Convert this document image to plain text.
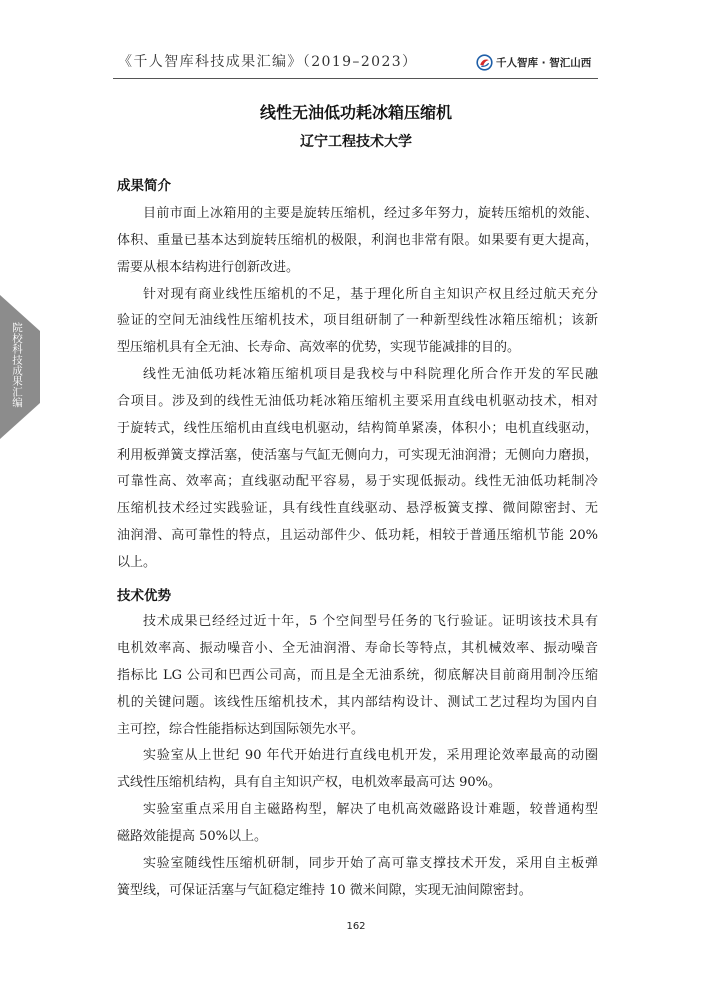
《千人智库科技成果汇编》（2019–2023）	千人智库 · 智汇山西
院校科技成果汇编
线性无油低功耗冰箱压缩机
辽宁工程技术大学
成果简介
目前市面上冰箱用的主要是旋转压缩机，经过多年努力，旋转压缩机的效能、
体积、重量已基本达到旋转压缩机的极限，利润也非常有限。如果要有更大提高，
需要从根本结构进行创新改进。
针对现有商业线性压缩机的不足，基于理化所自主知识产权且经过航天充分
验证的空间无油线性压缩机技术，项目组研制了一种新型线性冰箱压缩机；该新
型压缩机具有全无油、长寿命、高效率的优势，实现节能减排的目的。
线性无油低功耗冰箱压缩机项目是我校与中科院理化所合作开发的军民融
合项目。涉及到的线性无油低功耗冰箱压缩机主要采用直线电机驱动技术，相对
于旋转式，线性压缩机由直线电机驱动，结构简单紧凑，体积小；电机直线驱动，
利用板弹簧支撑活塞，使活塞与气缸无侧向力，可实现无油润滑；无侧向力磨损，
可靠性高、效率高；直线驱动配平容易，易于实现低振动。线性无油低功耗制冷
压缩机技术经过实践验证，具有线性直线驱动、悬浮板簧支撑、微间隙密封、无
油润滑、高可靠性的特点，且运动部件少、低功耗，相较于普通压缩机节能 20%
以上。
技术优势
技术成果已经经过近十年，5 个空间型号任务的飞行验证。证明该技术具有
电机效率高、振动噪音小、全无油润滑、寿命长等特点，其机械效率、振动噪音
指标比 LG 公司和巴西公司高，而且是全无油系统，彻底解决目前商用制冷压缩
机的关键问题。该线性压缩机技术，其内部结构设计、测试工艺过程均为国内自
主可控，综合性能指标达到国际领先水平。
实验室从上世纪 90 年代开始进行直线电机开发，采用理论效率最高的动圈
式线性压缩机结构，具有自主知识产权，电机效率最高可达 90%。
实验室重点采用自主磁路构型，解决了电机高效磁路设计难题，较普通构型
磁路效能提高 50%以上。
实验室随线性压缩机研制，同步开始了高可靠支撑技术开发，采用自主板弹
簧型线，可保证活塞与气缸稳定维持 10 微米间隙，实现无油间隙密封。
162
